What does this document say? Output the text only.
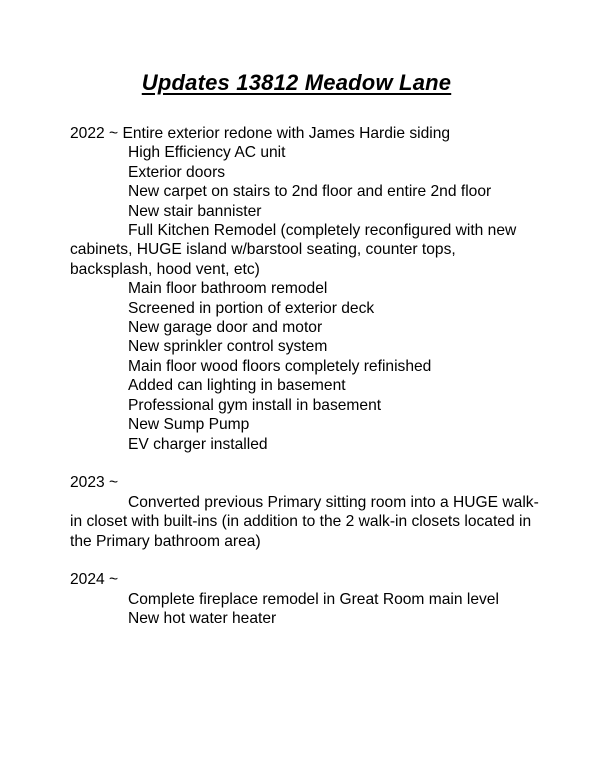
Updates 13812 Meadow Lane
2022 ~ Entire exterior redone with James Hardie siding
High Efficiency AC unit
Exterior doors
New carpet on stairs to 2nd floor and entire 2nd floor
New stair bannister
Full Kitchen Remodel (completely reconfigured with new cabinets, HUGE island w/barstool seating, counter tops, backsplash, hood vent, etc)
Main floor bathroom remodel
Screened in portion of exterior deck
New garage door and motor
New sprinkler control system
Main floor wood floors completely refinished
Added can lighting in basement
Professional gym install in basement
New Sump Pump
EV charger installed
2023 ~
Converted previous Primary sitting room into a HUGE walk-in closet with built-ins (in addition to the 2 walk-in closets located in the Primary bathroom area)
2024 ~
Complete fireplace remodel in Great Room main level
New hot water heater
